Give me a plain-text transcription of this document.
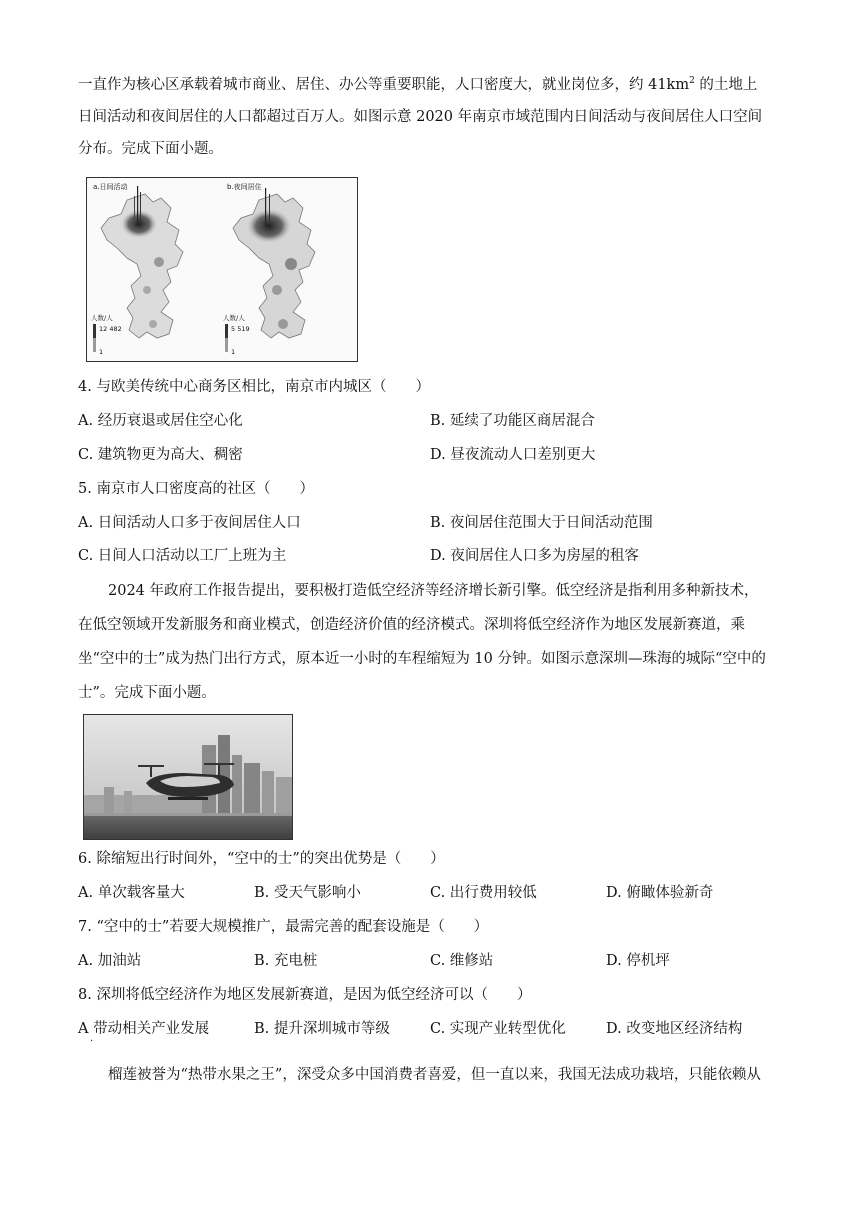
一直作为核心区承载着城市商业、居住、办公等重要职能，人口密度大，就业岗位多，约 $41km^2$ 的土地上
日间活动和夜间居住的人口都超过百万人。如图示意 2020 年南京市域范围内日间活动与夜间居住人口空间
分布。完成下面小题。
a.日间活动
人数/人
12 482
1
b.夜间居住
人数/人
5 519
1
4. 与欧美传统中心商务区相比，南京市内城区（　　）
A. 经历衰退或居住空心化	B. 延续了功能区商居混合
C. 建筑物更为高大、稠密	D. 昼夜流动人口差别更大
5. 南京市人口密度高的社区（　　）
A. 日间活动人口多于夜间居住人口	B. 夜间居住范围大于日间活动范围
C. 日间人口活动以工厂上班为主	D. 夜间居住人口多为房屋的租客
2024 年政府工作报告提出，要积极打造低空经济等经济增长新引擎。低空经济是指利用多种新技术，
在低空领域开发新服务和商业模式，创造经济价值的经济模式。深圳将低空经济作为地区发展新赛道，乘
坐“空中的士”成为热门出行方式，原本近一小时的车程缩短为 10 分钟。如图示意深圳—珠海的城际“空中的
士”。完成下面小题。
6. 除缩短出行时间外，“空中的士”的突出优势是（　　）
A. 单次载客量大	B. 受天气影响小	C. 出行费用较低	D. 俯瞰体验新奇
7. “空中的士”若要大规模推广，最需完善的配套设施是（　　）
A. 加油站	B. 充电桩	C. 维修站	D. 停机坪
8. 深圳将低空经济作为地区发展新赛道，是因为低空经济可以（　　）
A 带动相关产业发展
·
B. 提升深圳城市等级	C. 实现产业转型优化	D. 改变地区经济结构
榴莲被誉为“热带水果之王”，深受众多中国消费者喜爱，但一直以来，我国无法成功栽培，只能依赖从
